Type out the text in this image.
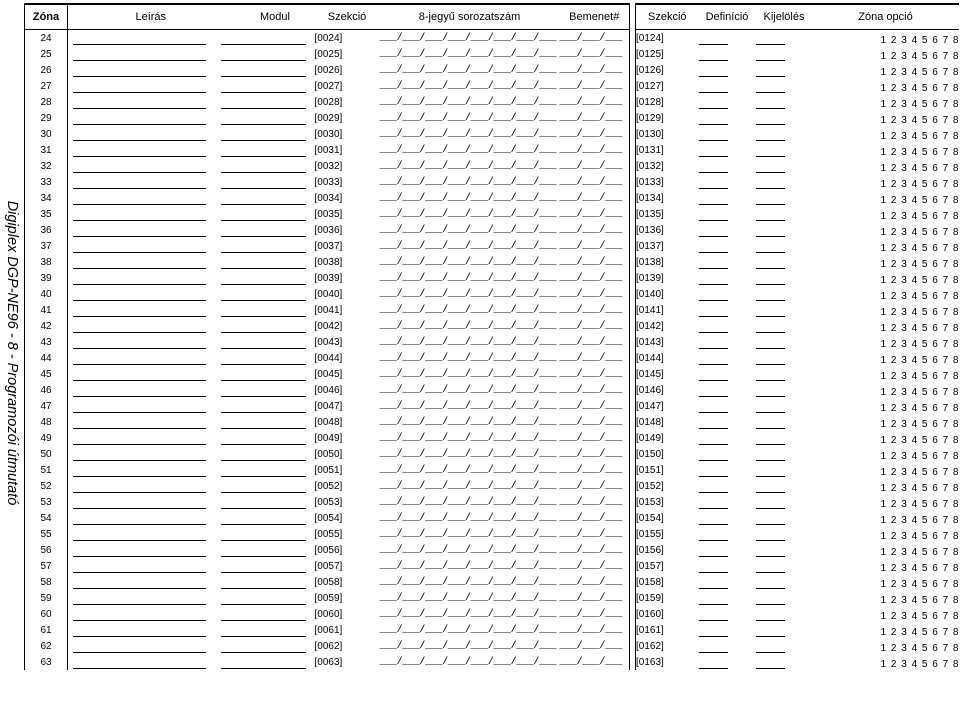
Digiplex DGP-NE96 - 8 - Programozói útmutató
Zóna	Leírás	Modul	Szekció	8-jegyű sorozatszám	Bemenet#		Szekció	Definíció	Kijelölés	Zóna opció
24			[0024]	___/___/___/___/___/___/___/___	___/___/___		[0124]			1 2 3 4 5 6 7 8
25			[0025]	___/___/___/___/___/___/___/___	___/___/___		[0125]			1 2 3 4 5 6 7 8
26			[0026]	___/___/___/___/___/___/___/___	___/___/___		[0126]			1 2 3 4 5 6 7 8
27			[0027]	___/___/___/___/___/___/___/___	___/___/___		[0127]			1 2 3 4 5 6 7 8
28			[0028]	___/___/___/___/___/___/___/___	___/___/___		[0128]			1 2 3 4 5 6 7 8
29			[0029]	___/___/___/___/___/___/___/___	___/___/___		[0129]			1 2 3 4 5 6 7 8
30			[0030]	___/___/___/___/___/___/___/___	___/___/___		[0130]			1 2 3 4 5 6 7 8
31			[0031]	___/___/___/___/___/___/___/___	___/___/___		[0131]			1 2 3 4 5 6 7 8
32			[0032]	___/___/___/___/___/___/___/___	___/___/___		[0132]			1 2 3 4 5 6 7 8
33			[0033]	___/___/___/___/___/___/___/___	___/___/___		[0133]			1 2 3 4 5 6 7 8
34			[0034]	___/___/___/___/___/___/___/___	___/___/___		[0134]			1 2 3 4 5 6 7 8
35			[0035]	___/___/___/___/___/___/___/___	___/___/___		[0135]			1 2 3 4 5 6 7 8
36			[0036]	___/___/___/___/___/___/___/___	___/___/___		[0136]			1 2 3 4 5 6 7 8
37			[0037]	___/___/___/___/___/___/___/___	___/___/___		[0137]			1 2 3 4 5 6 7 8
38			[0038]	___/___/___/___/___/___/___/___	___/___/___		[0138]			1 2 3 4 5 6 7 8
39			[0039]	___/___/___/___/___/___/___/___	___/___/___		[0139]			1 2 3 4 5 6 7 8
40			[0040]	___/___/___/___/___/___/___/___	___/___/___		[0140]			1 2 3 4 5 6 7 8
41			[0041]	___/___/___/___/___/___/___/___	___/___/___		[0141]			1 2 3 4 5 6 7 8
42			[0042]	___/___/___/___/___/___/___/___	___/___/___		[0142]			1 2 3 4 5 6 7 8
43			[0043]	___/___/___/___/___/___/___/___	___/___/___		[0143]			1 2 3 4 5 6 7 8
44			[0044]	___/___/___/___/___/___/___/___	___/___/___		[0144]			1 2 3 4 5 6 7 8
45			[0045]	___/___/___/___/___/___/___/___	___/___/___		[0145]			1 2 3 4 5 6 7 8
46			[0046]	___/___/___/___/___/___/___/___	___/___/___		[0146]			1 2 3 4 5 6 7 8
47			[0047]	___/___/___/___/___/___/___/___	___/___/___		[0147]			1 2 3 4 5 6 7 8
48			[0048]	___/___/___/___/___/___/___/___	___/___/___		[0148]			1 2 3 4 5 6 7 8
49			[0049]	___/___/___/___/___/___/___/___	___/___/___		[0149]			1 2 3 4 5 6 7 8
50			[0050]	___/___/___/___/___/___/___/___	___/___/___		[0150]			1 2 3 4 5 6 7 8
51			[0051]	___/___/___/___/___/___/___/___	___/___/___		[0151]			1 2 3 4 5 6 7 8
52			[0052]	___/___/___/___/___/___/___/___	___/___/___		[0152]			1 2 3 4 5 6 7 8
53			[0053]	___/___/___/___/___/___/___/___	___/___/___		[0153]			1 2 3 4 5 6 7 8
54			[0054]	___/___/___/___/___/___/___/___	___/___/___		[0154]			1 2 3 4 5 6 7 8
55			[0055]	___/___/___/___/___/___/___/___	___/___/___		[0155]			1 2 3 4 5 6 7 8
56			[0056]	___/___/___/___/___/___/___/___	___/___/___		[0156]			1 2 3 4 5 6 7 8
57			[0057]	___/___/___/___/___/___/___/___	___/___/___		[0157]			1 2 3 4 5 6 7 8
58			[0058]	___/___/___/___/___/___/___/___	___/___/___		[0158]			1 2 3 4 5 6 7 8
59			[0059]	___/___/___/___/___/___/___/___	___/___/___		[0159]			1 2 3 4 5 6 7 8
60			[0060]	___/___/___/___/___/___/___/___	___/___/___		[0160]			1 2 3 4 5 6 7 8
61			[0061]	___/___/___/___/___/___/___/___	___/___/___		[0161]			1 2 3 4 5 6 7 8
62			[0062]	___/___/___/___/___/___/___/___	___/___/___		[0162]			1 2 3 4 5 6 7 8
63			[0063]	___/___/___/___/___/___/___/___	___/___/___		[0163]			1 2 3 4 5 6 7 8
